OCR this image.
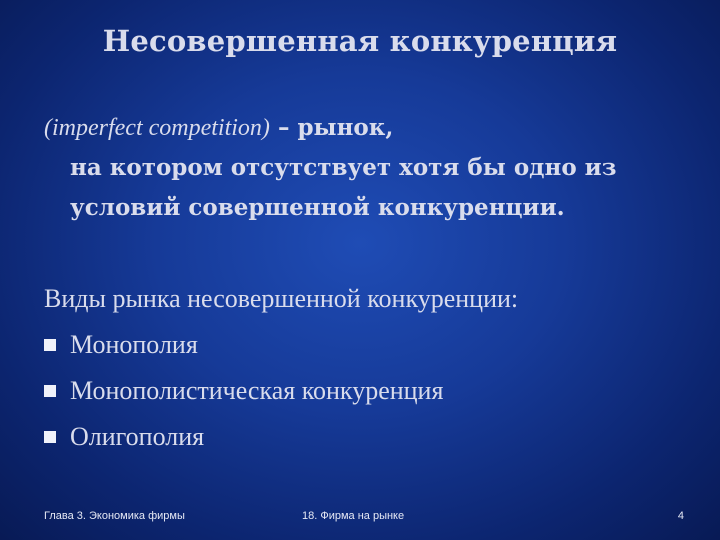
Несовершенная конкуренция
(imperfect competition) – рынок,
на котором отсутствует хотя бы одно из
условий совершенной конкуренции.
Виды рынка несовершенной конкуренции:
Монополия
Монополистическая конкуренция
Олигополия
Глава 3. Экономика фирмы	18. Фирма на рынке	4
